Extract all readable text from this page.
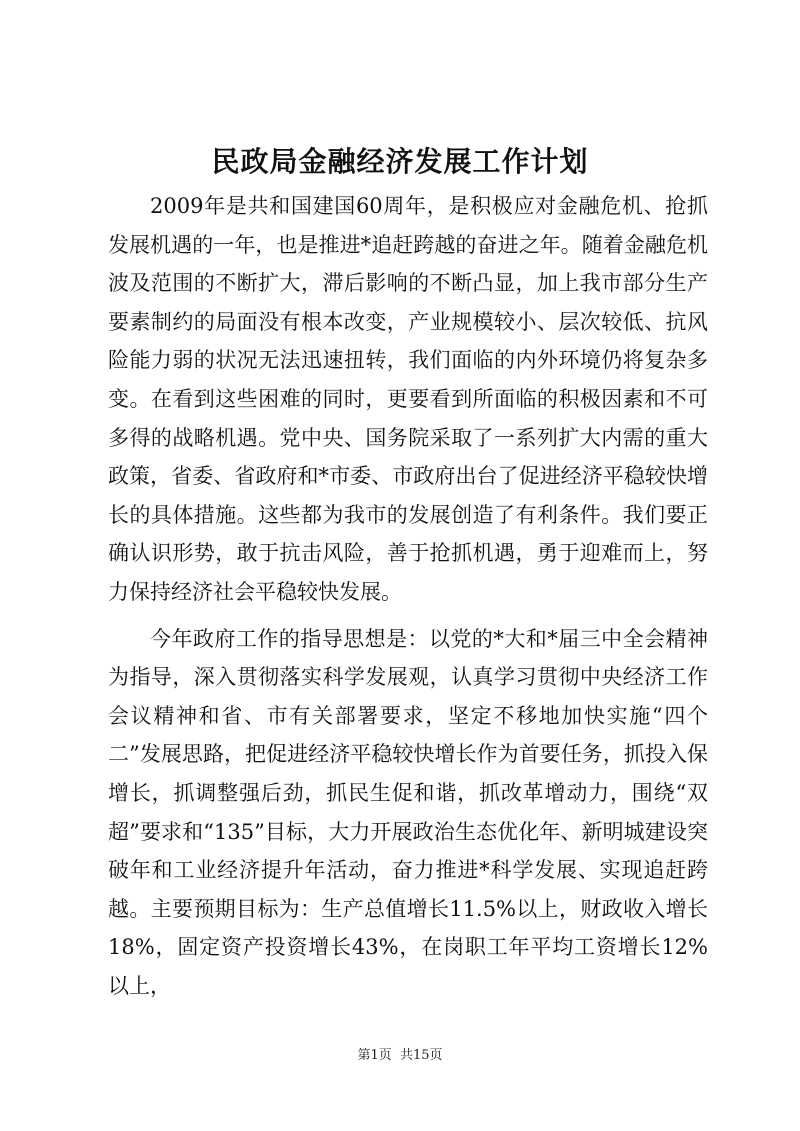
民政局金融经济发展工作计划

2009年是共和国建国60周年，是积极应对金融危机、抢抓发展机遇的一年，也是推进*追赶跨越的奋进之年。随着金融危机波及范围的不断扩大，滞后影响的不断凸显，加上我市部分生产要素制约的局面没有根本改变，产业规模较小、层次较低、抗风险能力弱的状况无法迅速扭转，我们面临的内外环境仍将复杂多变。在看到这些困难的同时，更要看到所面临的积极因素和不可多得的战略机遇。党中央、国务院采取了一系列扩大内需的重大政策，省委、省政府和*市委、市政府出台了促进经济平稳较快增长的具体措施。这些都为我市的发展创造了有利条件。我们要正确认识形势，敢于抗击风险，善于抢抓机遇，勇于迎难而上，努力保持经济社会平稳较快发展。

今年政府工作的指导思想是：以党的*大和*届三中全会精神为指导，深入贯彻落实科学发展观，认真学习贯彻中央经济工作会议精神和省、市有关部署要求，坚定不移地加快实施“四个二”发展思路，把促进经济平稳较快增长作为首要任务，抓投入保增长，抓调整强后劲，抓民生促和谐，抓改革增动力，围绕“双超”要求和“135”目标，大力开展政治生态优化年、新明城建设突破年和工业经济提升年活动，奋力推进*科学发展、实现追赶跨越。主要预期目标为：生产总值增长11.5%以上，财政收入增长18%，固定资产投资增长43%，在岗职工年平均工资增长12%以上，

第1页 共15页
